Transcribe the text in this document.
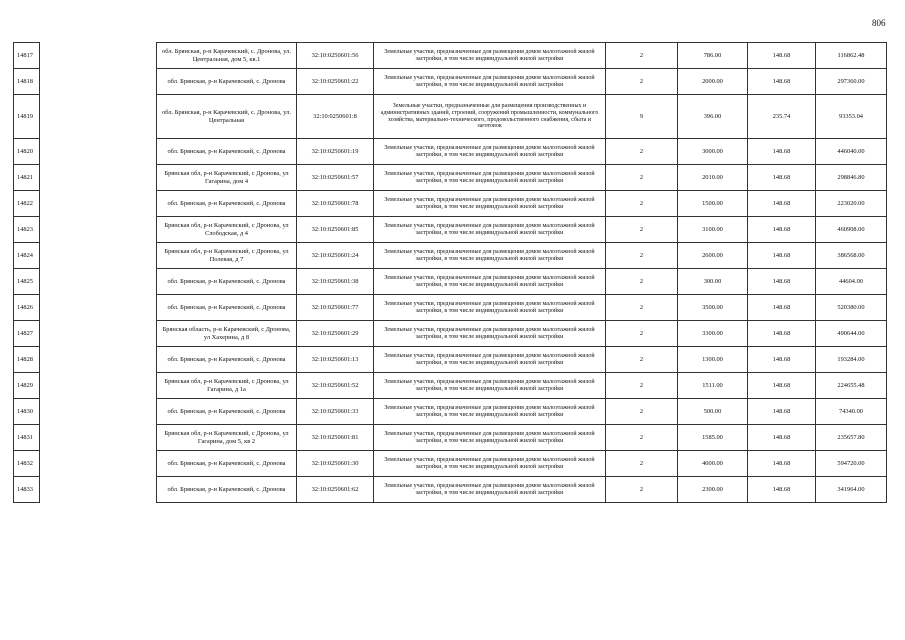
806
14817		обл. Брянская, р-н Карачевский, с. Дронова, ул. Центральная, дом 5, кв.1	32:10:0250601:56	Земельные участки, предназначенные для размещения домов малоэтажной жилой застройки, в том числе индивидуальной жилой застройки	2	786.00	148.68	116862.48
14818		обл. Брянская, р-н Карачевский, с. Дронова	32:10:0250601:22	Земельные участки, предназначенные для размещения домов малоэтажной жилой застройки, в том числе индивидуальной жилой застройки	2	2000.00	148.68	297360.00
14819		обл. Брянская, р-н Карачевский, с. Дронова, ул. Центральная	32:10:0250601:8	Земельные участки, предназначенные для размещения производственных и административных зданий, строений, сооружений промышленности, коммунального хозяйства, материально-технического, продовольственного снабжения, сбыта и заготовок	9	396.00	235.74	93353.04
14820		обл. Брянская, р-н Карачевский, с. Дронова	32:10:0250601:19	Земельные участки, предназначенные для размещения домов малоэтажной жилой застройки, в том числе индивидуальной жилой застройки	2	3000.00	148.68	446040.00
14821		Брянская обл, р-н Карачевский, с Дронова, ул Гагарина, дом 4	32:10:0250601:57	Земельные участки, предназначенные для размещения домов малоэтажной жилой застройки, в том числе индивидуальной жилой застройки	2	2010.00	148.68	298846.80
14822		обл. Брянская, р-н Карачевский, с. Дронова	32:10:0250601:78	Земельные участки, предназначенные для размещения домов малоэтажной жилой застройки, в том числе индивидуальной жилой застройки	2	1500.00	148.68	223020.00
14823		Брянская обл, р-н Карачевский, с Дронова, ул Слободская, д 4	32:10:0250601:85	Земельные участки, предназначенные для размещения домов малоэтажной жилой застройки, в том числе индивидуальной жилой застройки	2	3100.00	148.68	460908.00
14824		Брянская обл, р-н Карачевский, с Дронова, ул Полевая, д 7	32:10:0250601:24	Земельные участки, предназначенные для размещения домов малоэтажной жилой застройки, в том числе индивидуальной жилой застройки	2	2600.00	148.68	386568.00
14825		обл. Брянская, р-н Карачевский, с. Дронова	32:10:0250601:38	Земельные участки, предназначенные для размещения домов малоэтажной жилой застройки, в том числе индивидуальной жилой застройки	2	300.00	148.68	44604.00
14826		обл. Брянская, р-н Карачевский, с. Дронова	32:10:0250601:77	Земельные участки, предназначенные для размещения домов малоэтажной жилой застройки, в том числе индивидуальной жилой застройки	2	3500.00	148.68	520380.00
14827		Брянская область, р-н Карачевский, с Дронова, ул Хахерина, д 8	32:10:0250601:29	Земельные участки, предназначенные для размещения домов малоэтажной жилой застройки, в том числе индивидуальной жилой застройки	2	3300.00	148.68	490644.00
14828		обл. Брянская, р-н Карачевский, с. Дронова	32:10:0250601:13	Земельные участки, предназначенные для размещения домов малоэтажной жилой застройки, в том числе индивидуальной жилой застройки	2	1300.00	148.68	193284.00
14829		Брянская обл, р-н Карачевский, с Дронова, ул Гагарина, д 1а	32:10:0250601:52	Земельные участки, предназначенные для размещения домов малоэтажной жилой застройки, в том числе индивидуальной жилой застройки	2	1511.00	148.68	224655.48
14830		обл. Брянская, р-н Карачевский, с. Дронова	32:10:0250601:33	Земельные участки, предназначенные для размещения домов малоэтажной жилой застройки, в том числе индивидуальной жилой застройки	2	500.00	148.68	74340.00
14831		Брянская обл, р-н Карачевский, с Дронова, ул Гагарина, дом 5, кв 2	32:10:0250601:81	Земельные участки, предназначенные для размещения домов малоэтажной жилой застройки, в том числе индивидуальной жилой застройки	2	1585.00	148.68	235657.80
14832		обл. Брянская, р-н Карачевский, с. Дронова	32:10:0250601:30	Земельные участки, предназначенные для размещения домов малоэтажной жилой застройки, в том числе индивидуальной жилой застройки	2	4000.00	148.68	594720.00
14833		обл. Брянская, р-н Карачевский, с. Дронова	32:10:0250601:62	Земельные участки, предназначенные для размещения домов малоэтажной жилой застройки, в том числе индивидуальной жилой застройки	2	2300.00	148.68	341964.00
